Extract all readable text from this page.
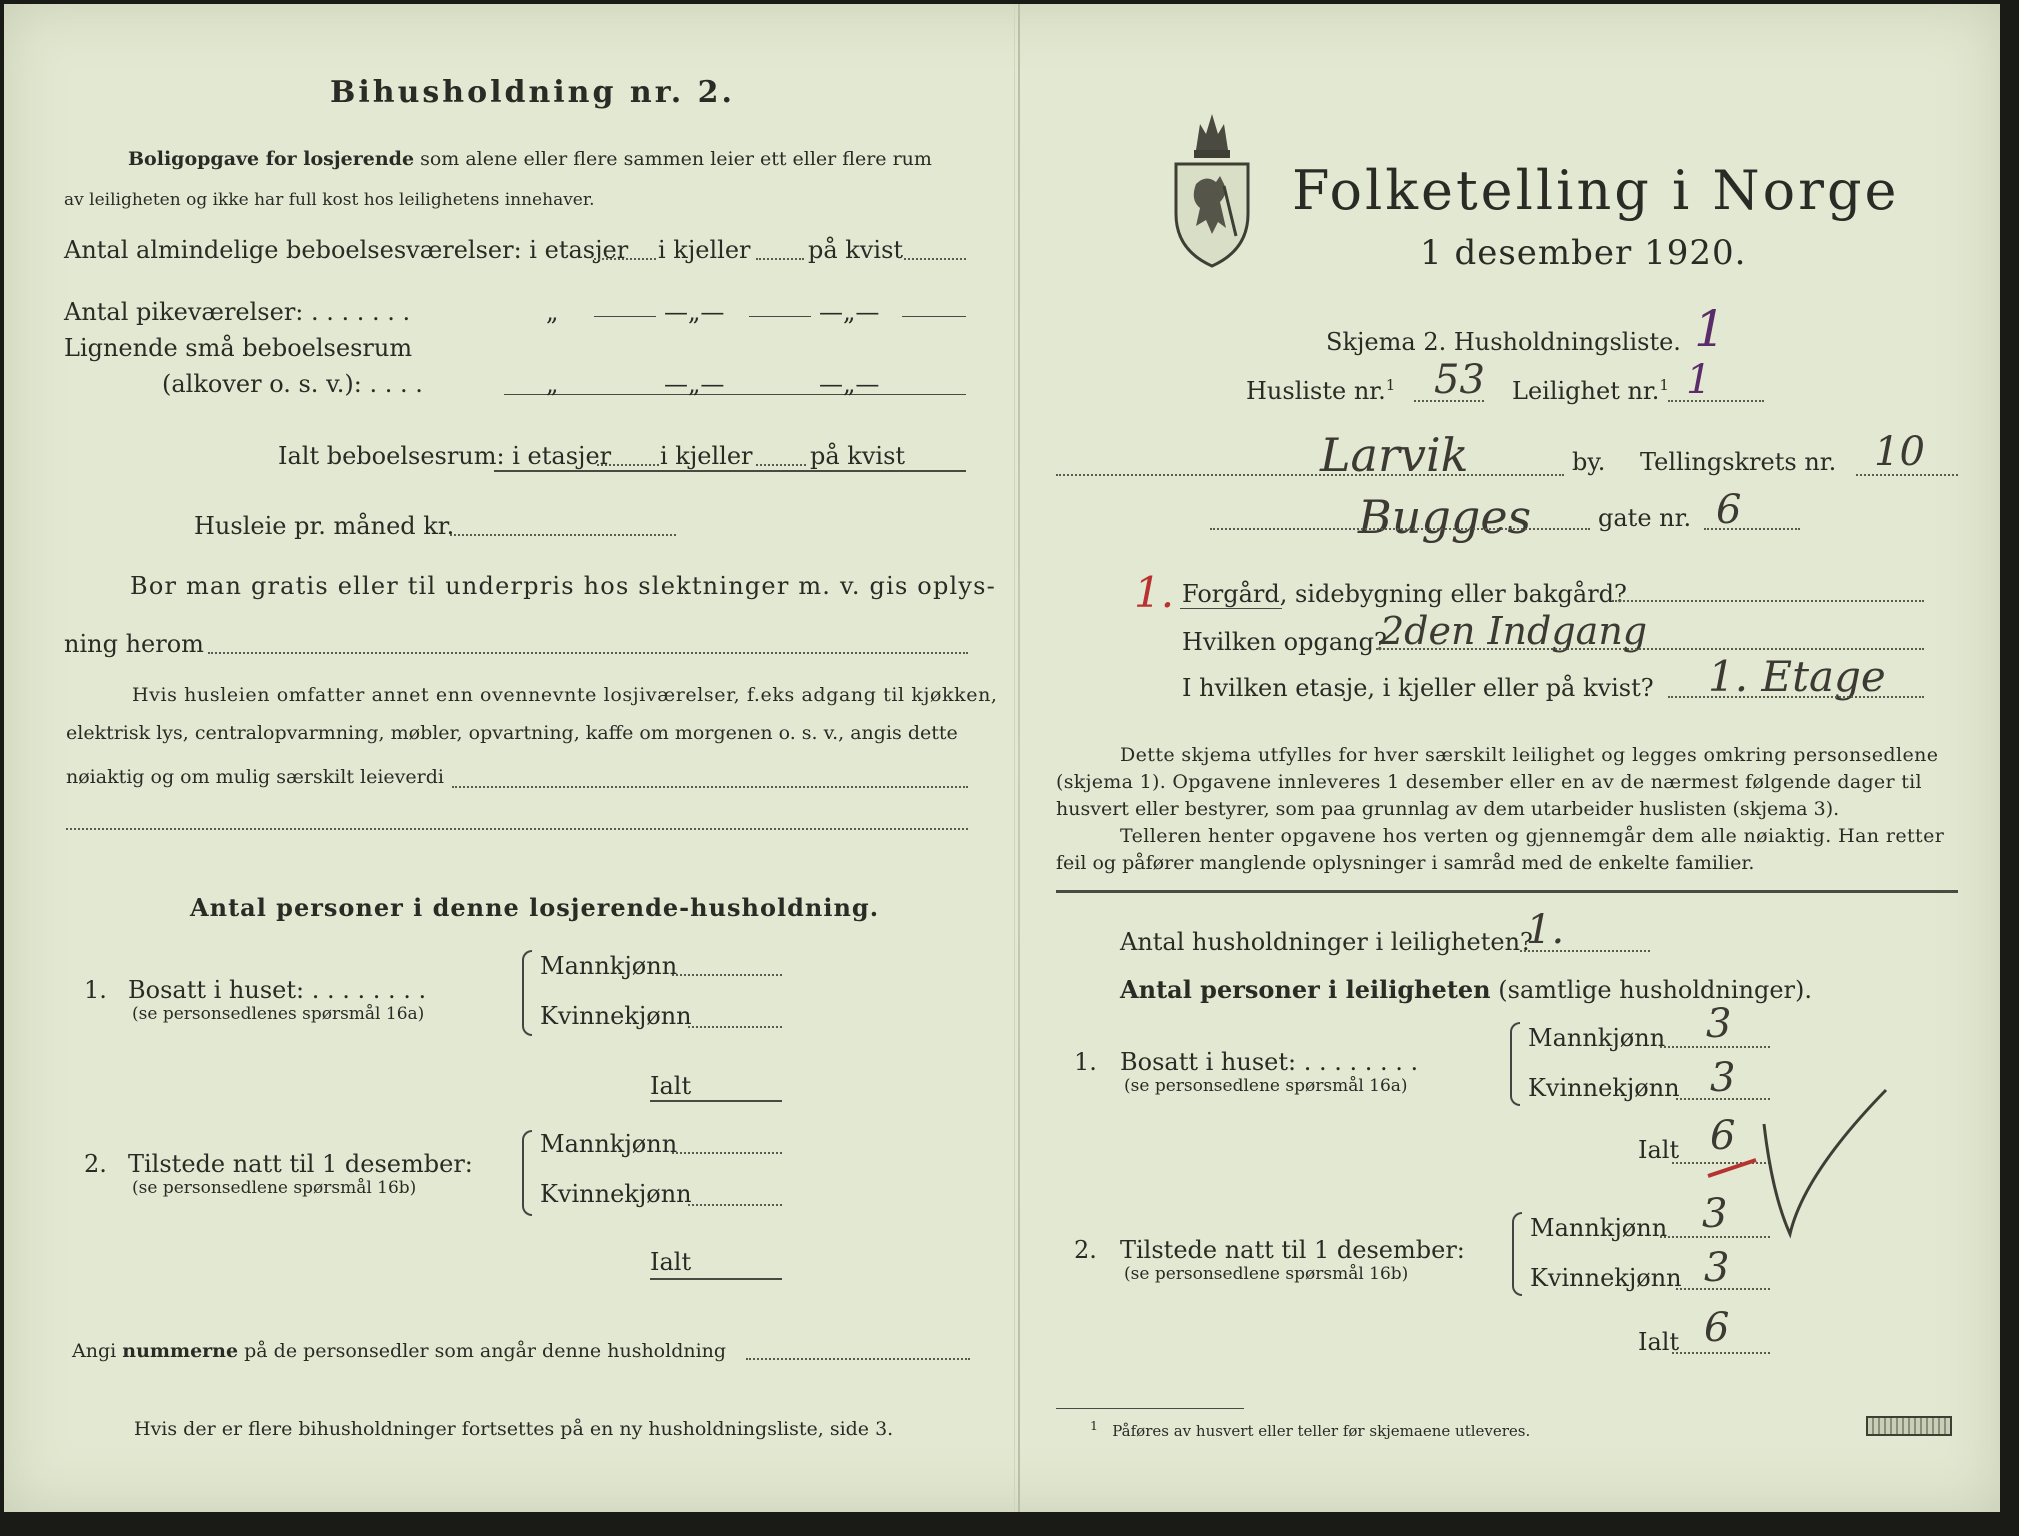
Bihusholdning nr. 2.
Boligopgave for losjerende som alene eller flere sammen leier ett eller flere rum
av leiligheten og ikke har full kost hos leilighetens innehaver.
Antal almindelige beboelsesværelser: i etasjer i kjeller på kvist
Antal pikeværelser: . . . . . . .	„	—„—	—„—
Lignende små beboelsesrum
(alkover o. s. v.): . . . .	„	—„—	—„—
Ialt beboelsesrum: i etasjer i kjeller på kvist
Husleie pr. måned kr.
Bor man gratis eller til underpris hos slektninger m. v. gis oplys-
ning herom
Hvis husleien omfatter annet enn ovennevnte losjiværelser, f.eks adgang til kjøkken,
elektrisk lys, centralopvarmning, møbler, opvartning, kaffe om morgenen o. s. v., angis dette
nøiaktig og om mulig særskilt leieverdi
Antal personer i denne losjerende-husholdning.
1. Bosatt i huset: . . . . . . . .
(se personsedlenes spørsmål 16a)
Mannkjønn
Kvinnekjønn
Ialt
2. Tilstede natt til 1 desember:
(se personsedlene spørsmål 16b)
Mannkjønn
Kvinnekjønn
Ialt
Angi nummerne på de personsedler som angår denne husholdning
Hvis der er flere bihusholdninger fortsettes på en ny husholdningsliste, side 3.
Folketelling i Norge
1 desember 1920.
Skjema 2. Husholdningsliste. 1
Husliste nr.$^1$ 53 Leilighet nr.$^1$ 1
Larvik	by. Tellingskrets nr. 10
Bugges	gate nr. 6
1. Forgård, sidebygning eller bakgård?
Hvilken opgang?
2den Indgang
I hvilken etasje, i kjeller eller på kvist? 1. Etage
Dette skjema utfylles for hver særskilt leilighet og legges omkring personsedlene
(skjema 1). Opgavene innleveres 1 desember eller en av de nærmest følgende dager til
husvert eller bestyrer, som paa grunnlag av dem utarbeider huslisten (skjema 3).
Telleren henter opgavene hos verten og gjennemgår dem alle nøiaktig. Han retter
feil og påfører manglende oplysninger i samråd med de enkelte familier.
Antal husholdninger i leiligheten?
1.
Antal personer i leiligheten (samtlige husholdninger).
1. Bosatt i huset: . . . . . . . .
(se personsedlene spørsmål 16a)
Mannkjønn 3
Kvinnekjønn 3
Ialt 6
2. Tilstede natt til 1 desember:
(se personsedlene spørsmål 16b)
Mannkjønn 3
Kvinnekjønn 3
Ialt 6
$^1$ Påføres av husvert eller teller før skjemaene utleveres.
